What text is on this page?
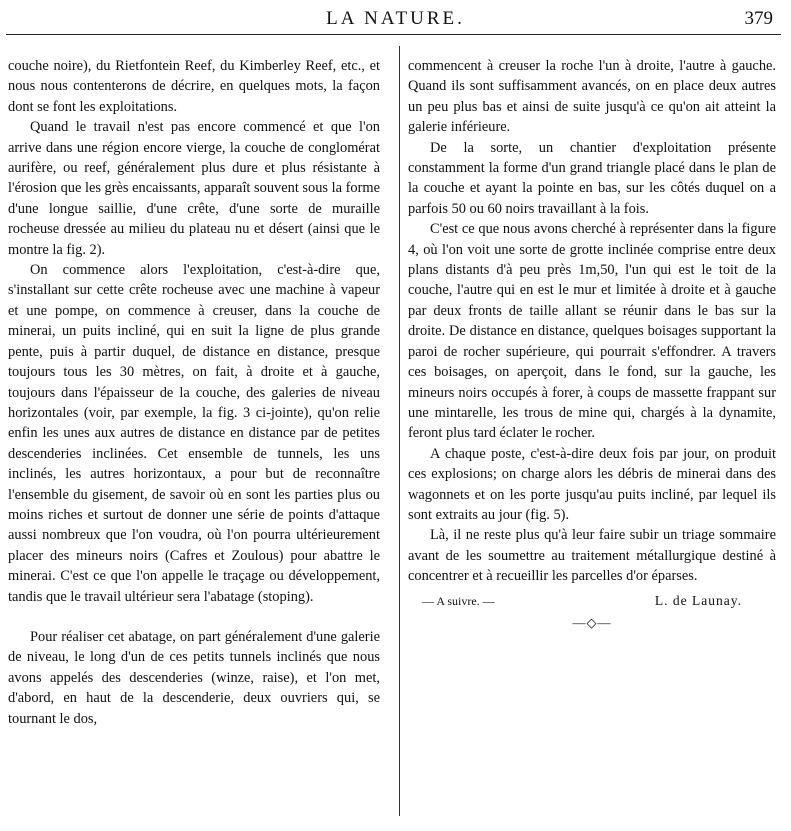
LA NATURE.	379

couche noire), du Rietfontein Reef, du Kimberley Reef, etc., et nous nous contenterons de décrire, en quelques mots, la façon dont se font les exploitations.

Quand le travail n'est pas encore commencé et que l'on arrive dans une région encore vierge, la couche de conglomérat aurifère, ou reef, généralement plus dure et plus résistante à l'érosion que les grès encaissants, apparaît souvent sous la forme d'une longue saillie, d'une crête, d'une sorte de muraille rocheuse dressée au milieu du plateau nu et désert (ainsi que le montre la fig. 2).

On commence alors l'exploitation, c'est-à-dire que, s'installant sur cette crête rocheuse avec une machine à vapeur et une pompe, on commence à creuser, dans la couche de minerai, un puits incliné, qui en suit la ligne de plus grande pente, puis à partir duquel, de distance en distance, presque toujours tous les 30 mètres, on fait, à droite et à gauche, toujours dans l'épaisseur de la couche, des galeries de niveau horizontales (voir, par exemple, la fig. 3 ci-jointe), qu'on relie enfin les unes aux autres de distance en distance par de petites descenderies inclinées. Cet ensemble de tunnels, les uns inclinés, les autres horizontaux, a pour but de reconnaître l'ensemble du gisement, de savoir où en sont les parties plus ou moins riches et surtout de donner une série de points d'attaque aussi nombreux que l'on voudra, où l'on pourra ultérieurement placer des mineurs noirs (Cafres et Zoulous) pour abattre le minerai. C'est ce que l'on appelle le traçage ou développement, tandis que le travail ultérieur sera l'abatage (stoping).

Pour réaliser cet abatage, on part généralement d'une galerie de niveau, le long d'un de ces petits tunnels inclinés que nous avons appelés des descenderies (winze, raise), et l'on met, d'abord, en haut de la descenderie, deux ouvriers qui, se tournant le dos,

commencent à creuser la roche l'un à droite, l'autre à gauche. Quand ils sont suffisamment avancés, on en place deux autres un peu plus bas et ainsi de suite jusqu'à ce qu'on ait atteint la galerie inférieure.

De la sorte, un chantier d'exploitation présente constamment la forme d'un grand triangle placé dans le plan de la couche et ayant la pointe en bas, sur les côtés duquel on a parfois 50 ou 60 noirs travaillant à la fois.

C'est ce que nous avons cherché à représenter dans la figure 4, où l'on voit une sorte de grotte inclinée comprise entre deux plans distants d'à peu près 1m,50, l'un qui est le toit de la couche, l'autre qui en est le mur et limitée à droite et à gauche par deux fronts de taille allant se réunir dans le bas sur la droite. De distance en distance, quelques boisages supportant la paroi de rocher supérieure, qui pourrait s'effondrer. A travers ces boisages, on aperçoit, dans le fond, sur la gauche, les mineurs noirs occupés à forer, à coups de massette frappant sur une mintarelle, les trous de mine qui, chargés à la dynamite, feront plus tard éclater le rocher.

A chaque poste, c'est-à-dire deux fois par jour, on produit ces explosions; on charge alors les débris de minerai dans des wagonnets et on les porte jusqu'au puits incliné, par lequel ils sont extraits au jour (fig. 5).

Là, il ne reste plus qu'à leur faire subir un triage sommaire avant de les soumettre au traitement métallurgique destiné à concentrer et à recueillir les parcelles d'or éparses.

— A suivre. —	L. de Launay.
—◇—
